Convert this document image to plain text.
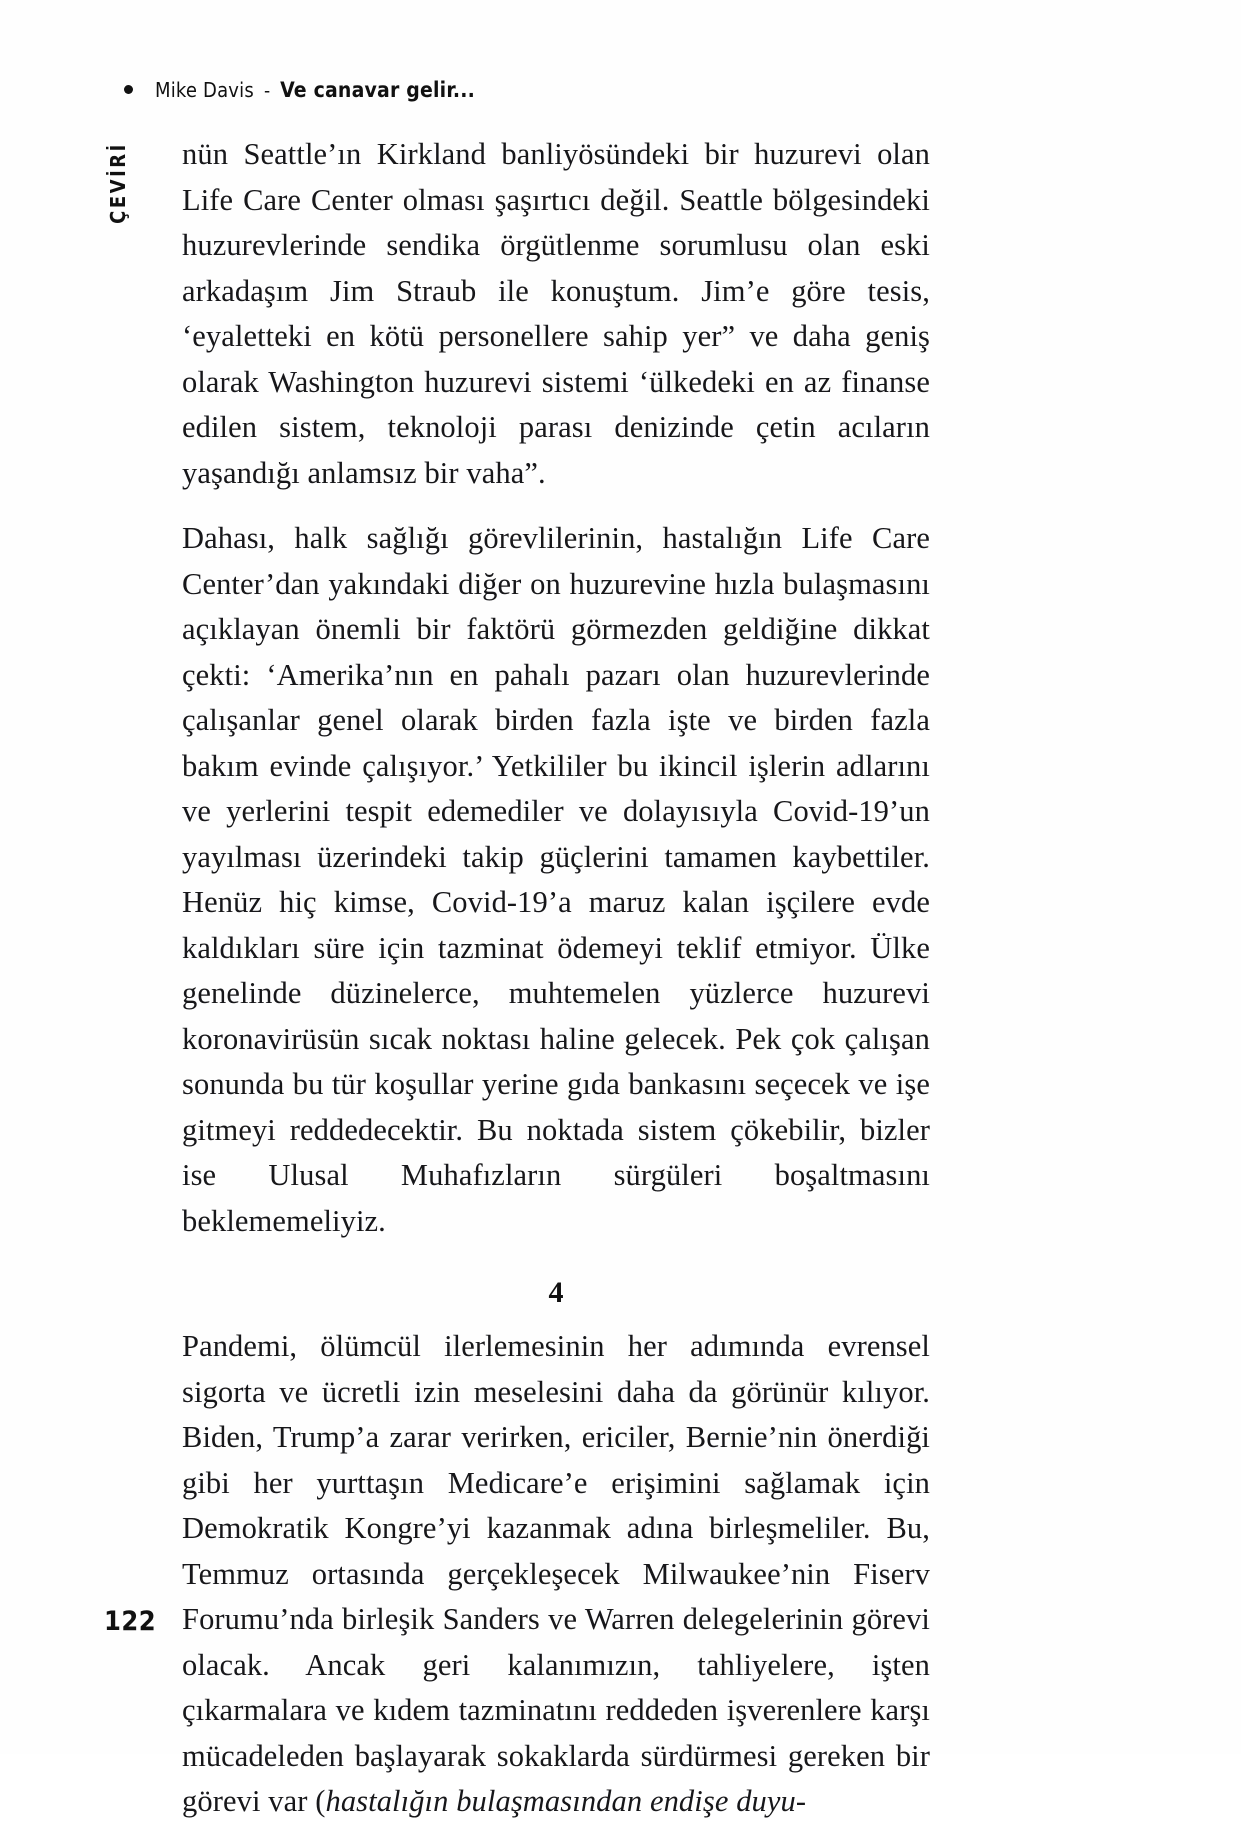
Mike Davis - Ve canavar gelir...
ÇEVİRİ nün Seattle’ın Kirkland banliyösündeki bir huzurevi olan Life Care Center olması şaşırtıcı değil. Seattle bölgesindeki huzurevlerinde sendika örgütlenme sorumlusu olan eski arkadaşım Jim Straub ile konuştum. Jim’e göre tesis, ‘eyaletteki en kötü personellere sahip yer” ve daha geniş olarak Washington huzurevi sistemi ‘ülkedeki en az finanse edilen sistem, teknoloji parası denizinde çetin acıların yaşandığı anlamsız bir vaha”.

Dahası, halk sağlığı görevlilerinin, hastalığın Life Care Center’dan yakındaki diğer on huzurevine hızla bulaşmasını açıklayan önemli bir faktörü görmezden geldiğine dikkat çekti: ‘Amerika’nın en pahalı pazarı olan huzurevlerinde çalışanlar genel olarak birden fazla işte ve birden fazla bakım evinde çalışıyor.’ Yetkililer bu ikincil işlerin adlarını ve yerlerini tespit edemediler ve dolayısıyla Covid-19’un yayılması üzerindeki takip güçlerini tamamen kaybettiler. Henüz hiç kimse, Covid-19’a maruz kalan işçilere evde kaldıkları süre için tazminat ödemeyi teklif etmiyor. Ülke genelinde düzinelerce, muhtemelen yüzlerce huzurevi koronavirüsün sıcak noktası haline gelecek. Pek çok çalışan sonunda bu tür koşullar yerine gıda bankasını seçecek ve işe gitmeyi reddedecektir. Bu noktada sistem çökebilir, bizler ise Ulusal Muhafızların sürgüleri boşaltmasını beklememeliyiz.

4

Pandemi, ölümcül ilerlemesinin her adımında evrensel sigorta ve ücretli izin meselesini daha da görünür kılıyor. Biden, Trump’a zarar verirken, ericiler, Bernie’nin önerdiği gibi her yurttaşın Medicare’e erişimini sağlamak için Demokratik Kongre’yi kazanmak adına birleşmeliler. Bu, Temmuz ortasında gerçekleşecek Milwaukee’nin Fiserv Forumu’nda birleşik Sanders ve Warren delegelerinin görevi olacak. Ancak geri kalanımızın, tahliyelere, işten çıkarmalara ve kıdem tazminatını reddeden işverenlere karşı mücadeleden başlayarak sokaklarda sürdürmesi gereken bir görevi var (hastalığın bulaşmasından endişe duyu-

122
